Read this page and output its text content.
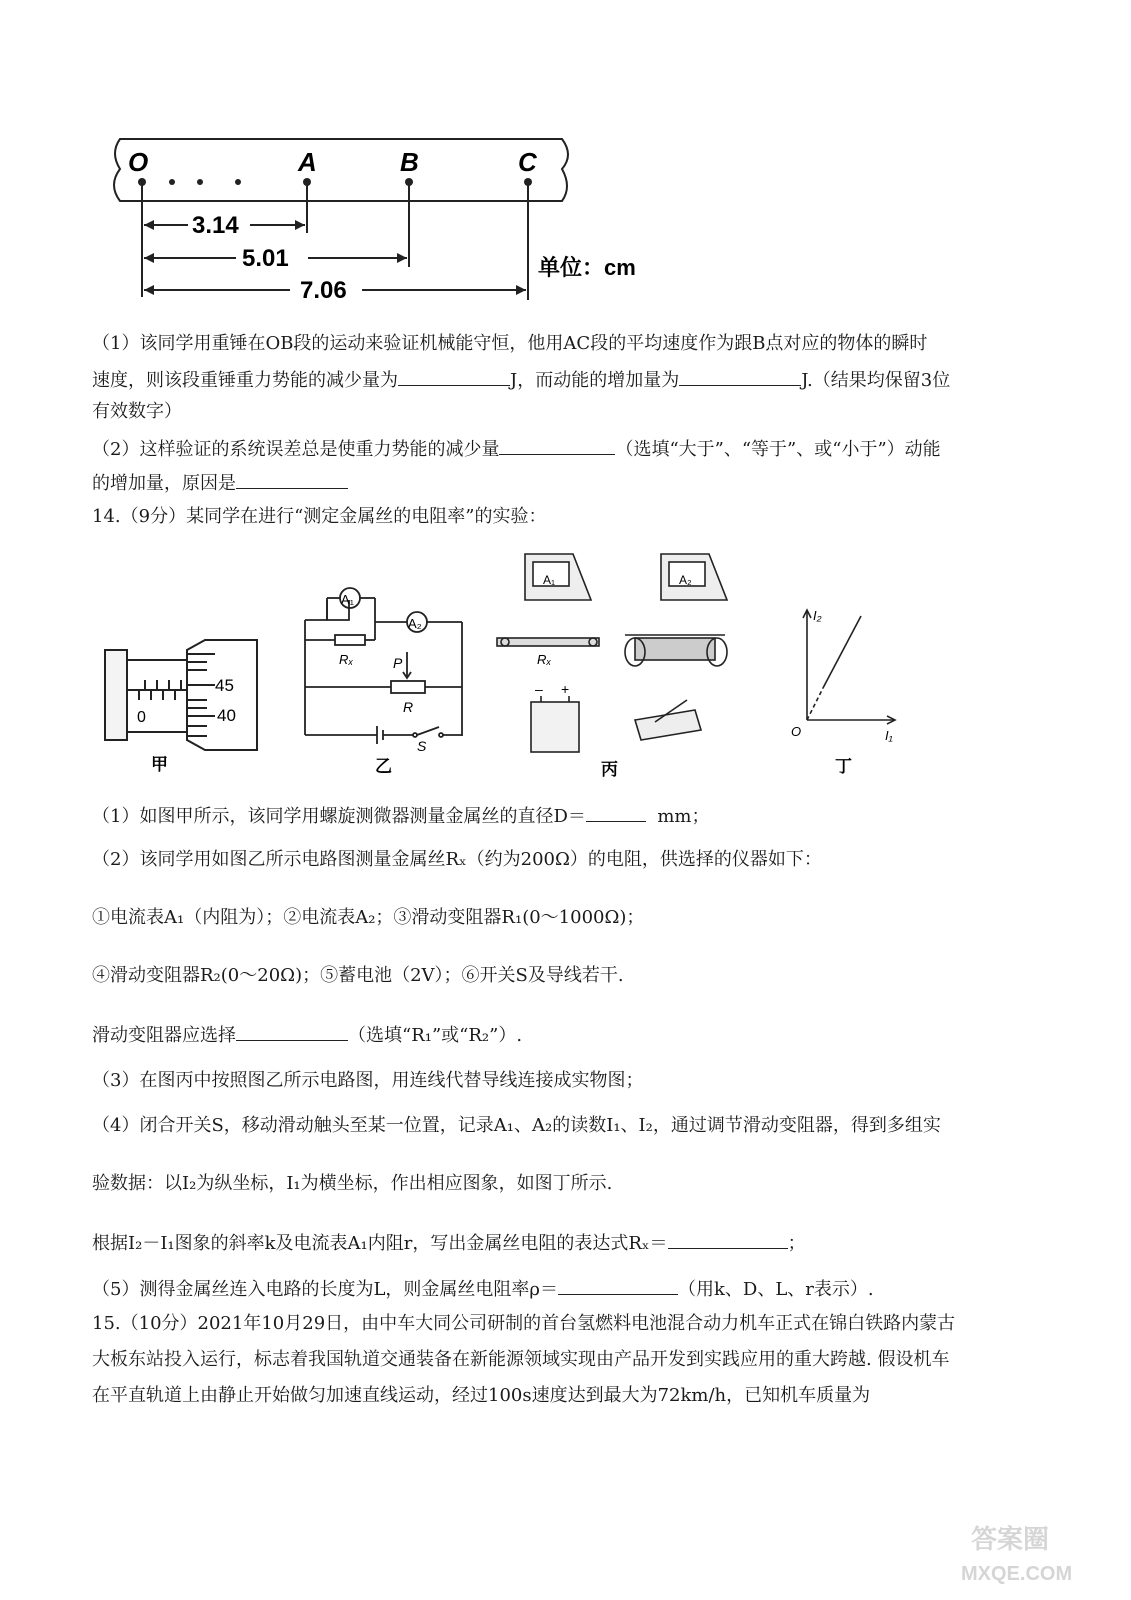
O	A	B	C
3.14
5.01
7.06
单位：cm
（1）该同学用重锤在OB段的运动来验证机械能守恒，他用AC段的平均速度作为跟B点对应的物体的瞬时
速度，则该段重锤重力势能的减少量为	J，而动能的增加量为	J.（结果均保留3位
有效数字）
（2）这样验证的系统误差总是使重力势能的减少量	（选填“大于”、“等于”、或“小于”）动能
的增加量，原因是
14.（9分）某同学在进行“测定金属丝的电阻率”的实验：
45
40
0
甲
A₁
A₂
Rₓ	P
R
S
乙
A₁	A₂
Rₓ
– +
丙
I₂
I₁
O
丁
（1）如图甲所示，该同学用螺旋测微器测量金属丝的直径D＝	mm；
（2）该同学用如图乙所示电路图测量金属丝Rₓ（约为200Ω）的电阻，供选择的仪器如下：
①电流表A₁（内阻为）；②电流表A₂；③滑动变阻器R₁(0～1000Ω)；
④滑动变阻器R₂(0～20Ω)；⑤蓄电池（2V）；⑥开关S及导线若干.
滑动变阻器应选择	（选填“R₁”或“R₂”）.
（3）在图丙中按照图乙所示电路图，用连线代替导线连接成实物图；
（4）闭合开关S，移动滑动触头至某一位置，记录A₁、A₂的读数I₁、I₂，通过调节滑动变阻器，得到多组实
验数据：以I₂为纵坐标，I₁为横坐标，作出相应图象，如图丁所示.
根据I₂－I₁图象的斜率k及电流表A₁内阻r，写出金属丝电阻的表达式Rₓ＝	；
（5）测得金属丝连入电路的长度为L，则金属丝电阻率ρ＝	（用k、D、L、r表示）.
15.（10分）2021年10月29日，由中车大同公司研制的首台氢燃料电池混合动力机车正式在锦白铁路内蒙古
大板东站投入运行，标志着我国轨道交通装备在新能源领域实现由产品开发到实践应用的重大跨越. 假设机车
在平直轨道上由静止开始做匀加速直线运动，经过100s速度达到最大为72km/h，已知机车质量为
答案圈
MXQE.COM
